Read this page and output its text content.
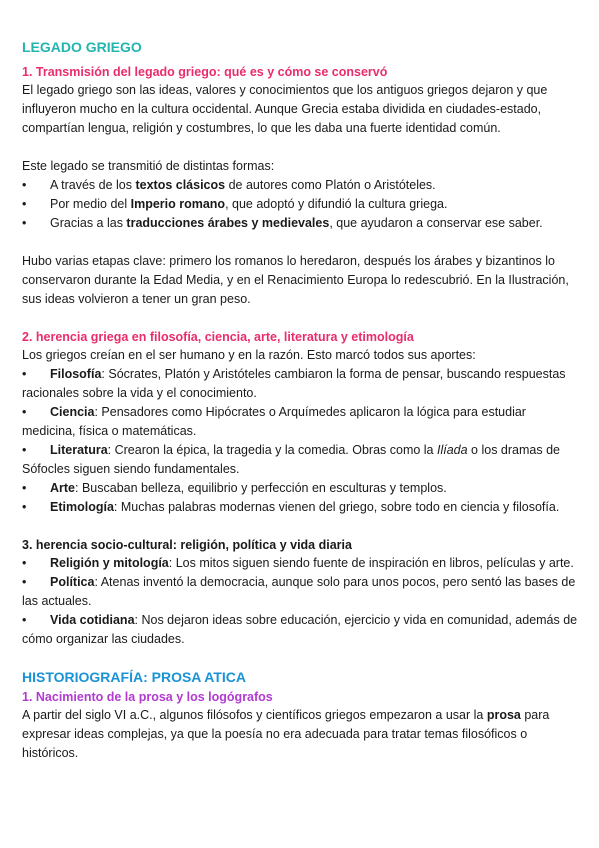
LEGADO GRIEGO
1. Transmisión del legado griego: qué es y cómo se conservó

El legado griego son las ideas, valores y conocimientos que los antiguos griegos dejaron y que influyeron mucho en la cultura occidental. Aunque Grecia estaba dividida en ciudades-estado, compartían lengua, religión y costumbres, lo que les daba una fuerte identidad común.

Este legado se transmitió de distintas formas:

• A través de los textos clásicos de autores como Platón o Aristóteles.
• Por medio del Imperio romano, que adoptó y difundió la cultura griega.
• Gracias a las traducciones árabes y medievales, que ayudaron a conservar ese saber.

Hubo varias etapas clave: primero los romanos lo heredaron, después los árabes y bizantinos lo conservaron durante la Edad Media, y en el Renacimiento Europa lo redescubrió. En la Ilustración, sus ideas volvieron a tener un gran peso.

2. herencia griega en filosofía, ciencia, arte, literatura y etimología

Los griegos creían en el ser humano y en la razón. Esto marcó todos sus aportes:

• Filosofía: Sócrates, Platón y Aristóteles cambiaron la forma de pensar, buscando respuestas racionales sobre la vida y el conocimiento.
• Ciencia: Pensadores como Hipócrates o Arquímedes aplicaron la lógica para estudiar medicina, física o matemáticas.
• Literatura: Crearon la épica, la tragedia y la comedia. Obras como la Ilíada o los dramas de Sófocles siguen siendo fundamentales.
• Arte: Buscaban belleza, equilibrio y perfección en esculturas y templos.
• Etimología: Muchas palabras modernas vienen del griego, sobre todo en ciencia y filosofía.
3. herencia socio-cultural: religión, política y vida diaria
• Religión y mitología: Los mitos siguen siendo fuente de inspiración en libros, películas y arte.
• Política: Atenas inventó la democracia, aunque solo para unos pocos, pero sentó las bases de las actuales.
• Vida cotidiana: Nos dejaron ideas sobre educación, ejercicio y vida en comunidad, además de cómo organizar las ciudades.
HISTORIOGRAFÍA: PROSA ATICA
1. Nacimiento de la prosa y los logógrafos

A partir del siglo VI a.C., algunos filósofos y científicos griegos empezaron a usar la prosa para expresar ideas complejas, ya que la poesía no era adecuada para tratar temas filosóficos o históricos.
